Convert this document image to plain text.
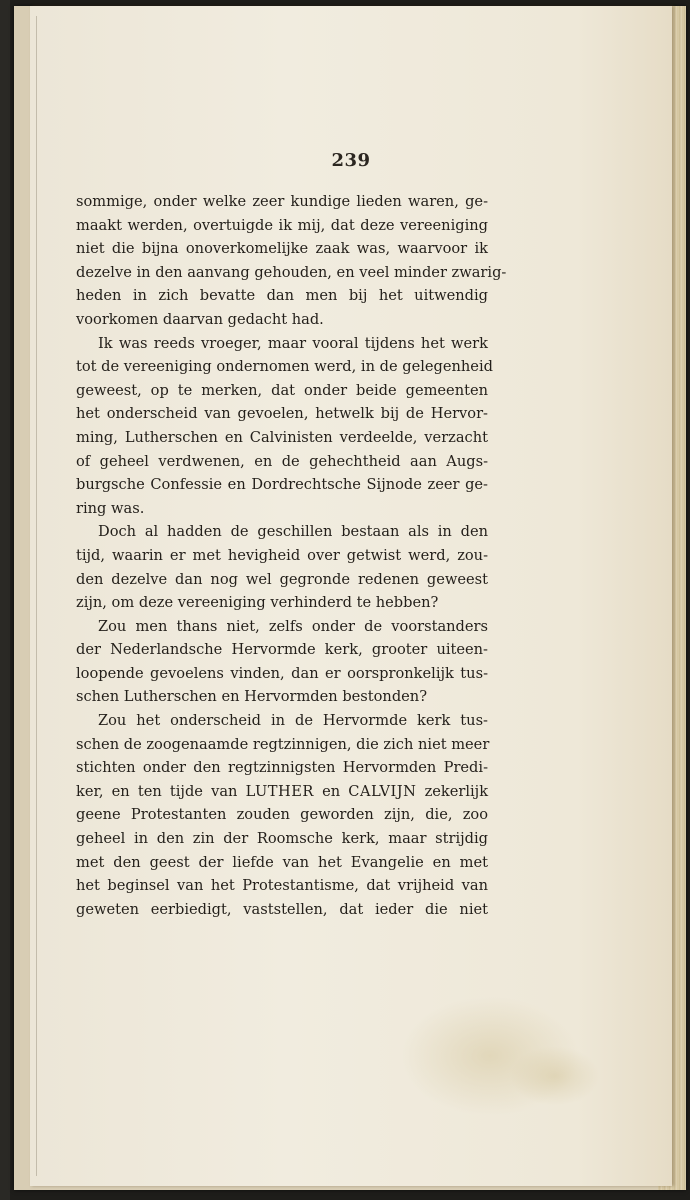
239
sommige, onder welke zeer kundige lieden waren, ge-
maakt werden, overtuigde ik mij, dat deze vereeniging
niet die bijna onoverkomelijke zaak was, waarvoor ik
dezelve in den aanvang gehouden, en veel minder zwarig-
heden in zich bevatte dan men bij het uitwendig
voorkomen daarvan gedacht had.
Ik was reeds vroeger, maar vooral tijdens het werk
tot de vereeniging ondernomen werd, in de gelegenheid
geweest, op te merken, dat onder beide gemeenten
het onderscheid van gevoelen, hetwelk bij de Hervor-
ming, Lutherschen en Calvinisten verdeelde, verzacht
of geheel verdwenen, en de gehechtheid aan Augs-
burgsche Confessie en Dordrechtsche Sijnode zeer ge-
ring was.
Doch al hadden de geschillen bestaan als in den
tijd, waarin er met hevigheid over getwist werd, zou-
den dezelve dan nog wel gegronde redenen geweest
zijn, om deze vereeniging verhinderd te hebben?
Zou men thans niet, zelfs onder de voorstanders
der Nederlandsche Hervormde kerk, grooter uiteen-
loopende gevoelens vinden, dan er oorspronkelijk tus-
schen Lutherschen en Hervormden bestonden?
Zou het onderscheid in de Hervormde kerk tus-
schen de zoogenaamde regtzinnigen, die zich niet meer
stichten onder den regtzinnigsten Hervormden Predi-
ker, en ten tijde van LUTHER en CALVIJN zekerlijk
geene Protestanten zouden geworden zijn, die, zoo
geheel in den zin der Roomsche kerk, maar strijdig
met den geest der liefde van het Evangelie en met
het beginsel van het Protestantisme, dat vrijheid van
geweten eerbiedigt, vaststellen, dat ieder die niet
